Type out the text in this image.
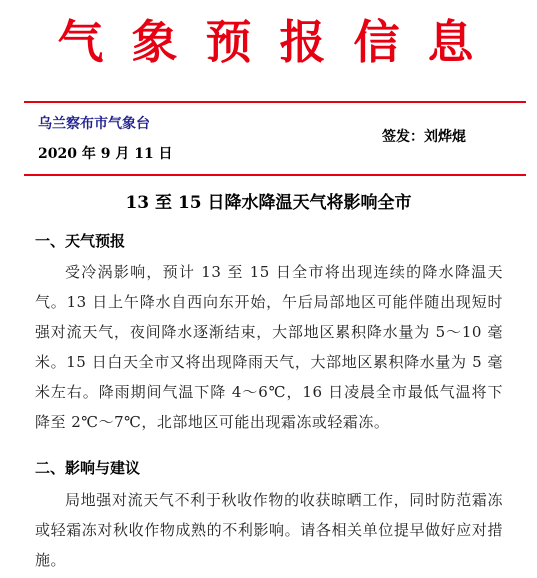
气 象 预 报 信 息
乌兰察布市气象台
2020 年 9 月 11 日
签发：刘烨焜
13 至 15 日降水降温天气将影响全市
一、天气预报

受冷涡影响，预计 13 至 15 日全市将出现连续的降水降温天气。13 日上午降水自西向东开始，午后局部地区可能伴随出现短时强对流天气，夜间降水逐渐结束，大部地区累积降水量为 5～10 毫米。15 日白天全市又将出现降雨天气，大部地区累积降水量为 5 毫米左右。降雨期间气温下降 4～6℃，16 日凌晨全市最低气温将下降至 2℃～7℃，北部地区可能出现霜冻或轻霜冻。

二、影响与建议

局地强对流天气不利于秋收作物的收获晾晒工作，同时防范霜冻或轻霜冻对秋收作物成熟的不利影响。请各相关单位提早做好应对措施。
